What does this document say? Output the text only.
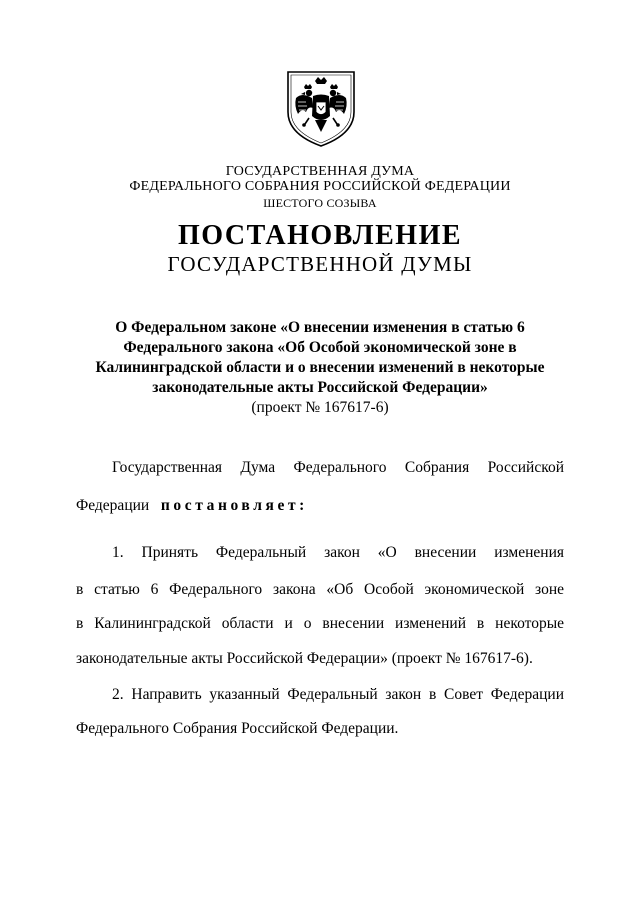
ГОСУДАРСТВЕННАЯ ДУМА
ФЕДЕРАЛЬНОГО СОБРАНИЯ РОССИЙСКОЙ ФЕДЕРАЦИИ
ШЕСТОГО СОЗЫВА
ПОСТАНОВЛЕНИЕ
ГОСУДАРСТВЕННОЙ ДУМЫ
О Федеральном законе «О внесении изменения в статью 6
Федерального закона «Об Особой экономической зоне в
Калининградской области и о внесении изменений в некоторые
законодательные акты Российской Федерации»
(проект № 167617-6)
Государственная Дума Федерального Собрания Российской
Федерации постановляет:
1. Принять Федеральный закон «О внесении изменения
в статью 6 Федерального закона «Об Особой экономической зоне
в Калининградской области и о внесении изменений в некоторые
законодательные акты Российской Федерации» (проект № 167617-6).
2. Направить указанный Федеральный закон в Совет Федерации
Федерального Собрания Российской Федерации.
